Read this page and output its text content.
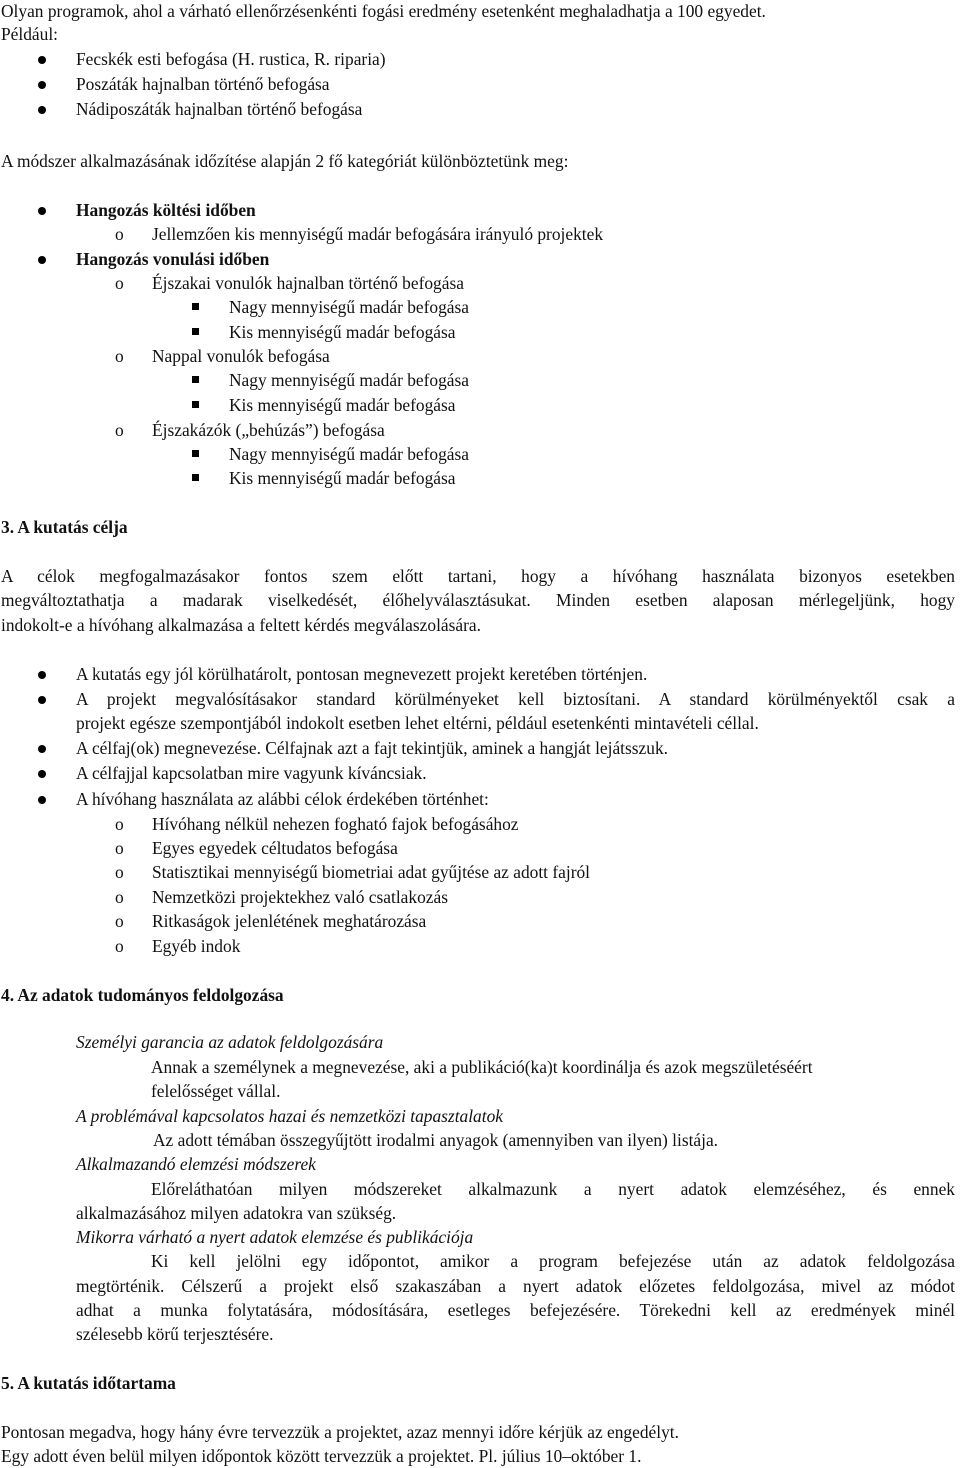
Olyan programok, ahol a várható ellenőrzésenkénti fogási eredmény esetenként meghaladhatja a 100 egyedet.
Például:
Fecskék esti befogása (H. rustica, R. riparia)
Poszáták hajnalban történő befogása
Nádiposzáták hajnalban történő befogása
A módszer alkalmazásának időzítése alapján 2 fő kategóriát különböztetünk meg:
Hangozás költési időben
o Jellemzően kis mennyiségű madár befogására irányuló projektek
Hangozás vonulási időben
o Éjszakai vonulók hajnalban történő befogása
Nagy mennyiségű madár befogása
Kis mennyiségű madár befogása
o Nappal vonulók befogása
Nagy mennyiségű madár befogása
Kis mennyiségű madár befogása
o Éjszakázók („behúzás”) befogása
Nagy mennyiségű madár befogása
Kis mennyiségű madár befogása
3. A kutatás célja
A célok megfogalmazásakor fontos szem előtt tartani, hogy a hívóhang használata bizonyos esetekben
megváltoztathatja a madarak viselkedését, élőhelyválasztásukat. Minden esetben alaposan mérlegeljünk, hogy
indokolt-e a hívóhang alkalmazása a feltett kérdés megválaszolására.
A kutatás egy jól körülhatárolt, pontosan megnevezett projekt keretében történjen.
A projekt megvalósításakor standard körülményeket kell biztosítani. A standard körülményektől csak a
projekt egésze szempontjából indokolt esetben lehet eltérni, például esetenkénti mintavételi céllal.
A célfaj(ok) megnevezése. Célfajnak azt a fajt tekintjük, aminek a hangját lejátsszuk.
A célfajjal kapcsolatban mire vagyunk kíváncsiak.
A hívóhang használata az alábbi célok érdekében történhet:
o Hívóhang nélkül nehezen fogható fajok befogásához
o Egyes egyedek céltudatos befogása
o Statisztikai mennyiségű biometriai adat gyűjtése az adott fajról
o Nemzetközi projektekhez való csatlakozás
o Ritkaságok jelenlétének meghatározása
o Egyéb indok
4. Az adatok tudományos feldolgozása
Személyi garancia az adatok feldolgozására
Annak a személynek a megnevezése, aki a publikáció(ka)t koordinálja és azok megszületéséért
felelősséget vállal.
A problémával kapcsolatos hazai és nemzetközi tapasztalatok
Az adott témában összegyűjtött irodalmi anyagok (amennyiben van ilyen) listája.
Alkalmazandó elemzési módszerek
Előreláthatóan milyen módszereket alkalmazunk a nyert adatok elemzéséhez, és ennek
alkalmazásához milyen adatokra van szükség.
Mikorra várható a nyert adatok elemzése és publikációja
Ki kell jelölni egy időpontot, amikor a program befejezése után az adatok feldolgozása
megtörténik. Célszerű a projekt első szakaszában a nyert adatok előzetes feldolgozása, mivel az módot
adhat a munka folytatására, módosítására, esetleges befejezésére. Törekedni kell az eredmények minél
szélesebb körű terjesztésére.
5. A kutatás időtartama
Pontosan megadva, hogy hány évre tervezzük a projektet, azaz mennyi időre kérjük az engedélyt.
Egy adott éven belül milyen időpontok között tervezzük a projektet. Pl. július 10–október 1.
